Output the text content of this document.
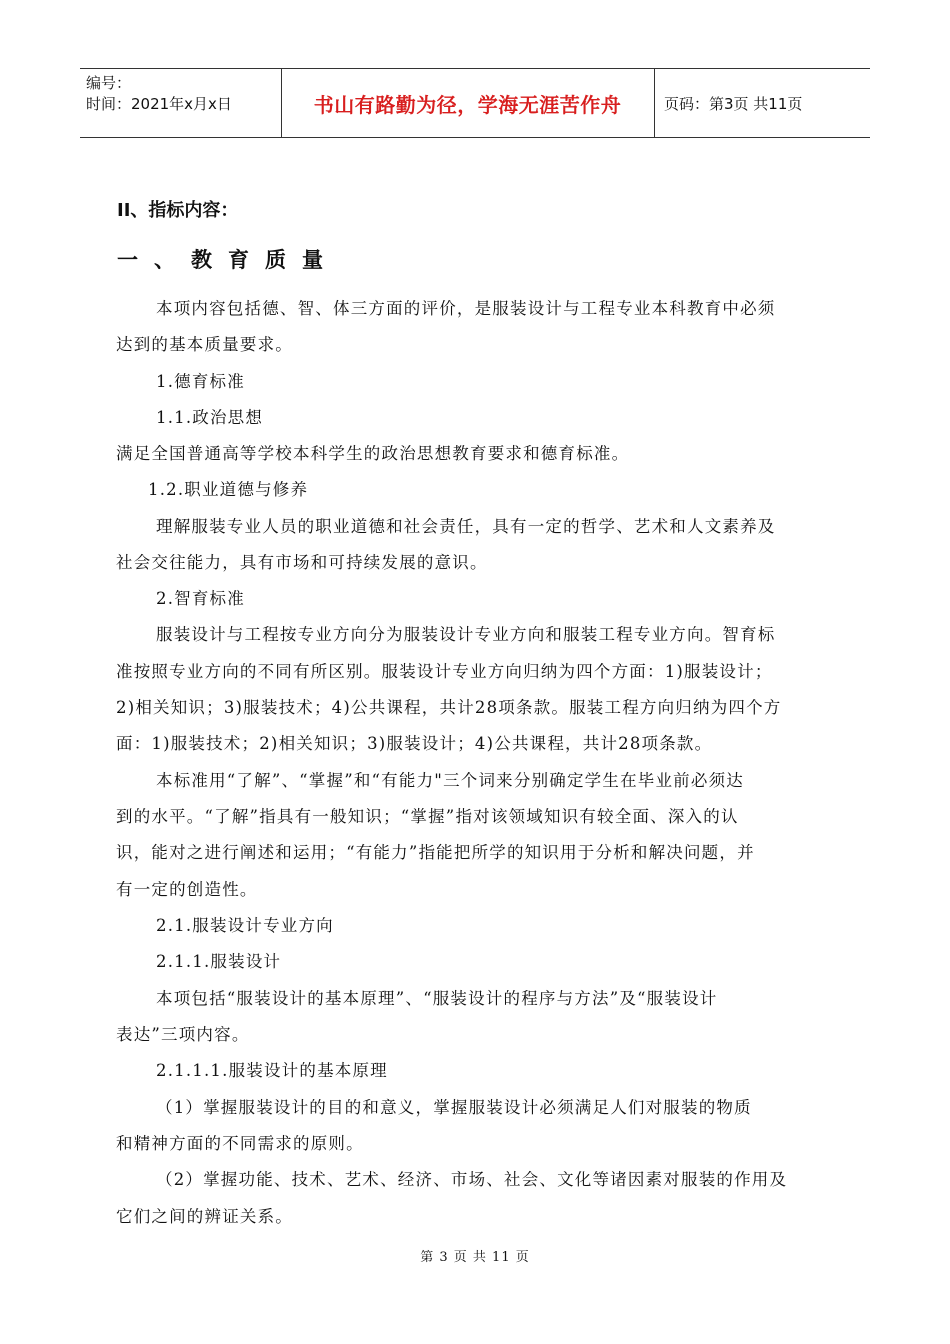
编号：
时间：2021年x月x日	书山有路勤为径，学海无涯苦作舟	页码：第3页 共11页
II、指标内容：
一、教育质量
本项内容包括德、智、体三方面的评价，是服装设计与工程专业本科教育中必须
达到的基本质量要求。
1.德育标准
1.1.政治思想
满足全国普通高等学校本科学生的政治思想教育要求和德育标准。
1.2.职业道德与修养
理解服装专业人员的职业道德和社会责任，具有一定的哲学、艺术和人文素养及
社会交往能力，具有市场和可持续发展的意识。
2.智育标准
服装设计与工程按专业方向分为服装设计专业方向和服装工程专业方向。智育标
准按照专业方向的不同有所区别。服装设计专业方向归纳为四个方面：1)服装设计；
2)相关知识；3)服装技术；4)公共课程，共计28项条款。服装工程方向归纳为四个方
面：1)服装技术；2)相关知识；3)服装设计；4)公共课程，共计28项条款。
本标准用“了解”、“掌握”和“有能力"三个词来分别确定学生在毕业前必须达
到的水平。“了解”指具有一般知识；“掌握”指对该领域知识有较全面、深入的认
识，能对之进行阐述和运用；“有能力”指能把所学的知识用于分析和解决问题，并
有一定的创造性。
2.1.服装设计专业方向
2.1.1.服装设计
本项包括“服装设计的基本原理”、“服装设计的程序与方法”及“服装设计
表达”三项内容。
2.1.1.1.服装设计的基本原理
（1）掌握服装设计的目的和意义，掌握服装设计必须满足人们对服装的物质
和精神方面的不同需求的原则。
（2）掌握功能、技术、艺术、经济、市场、社会、文化等诸因素对服装的作用及
它们之间的辨证关系。
第 3 页 共 11 页
